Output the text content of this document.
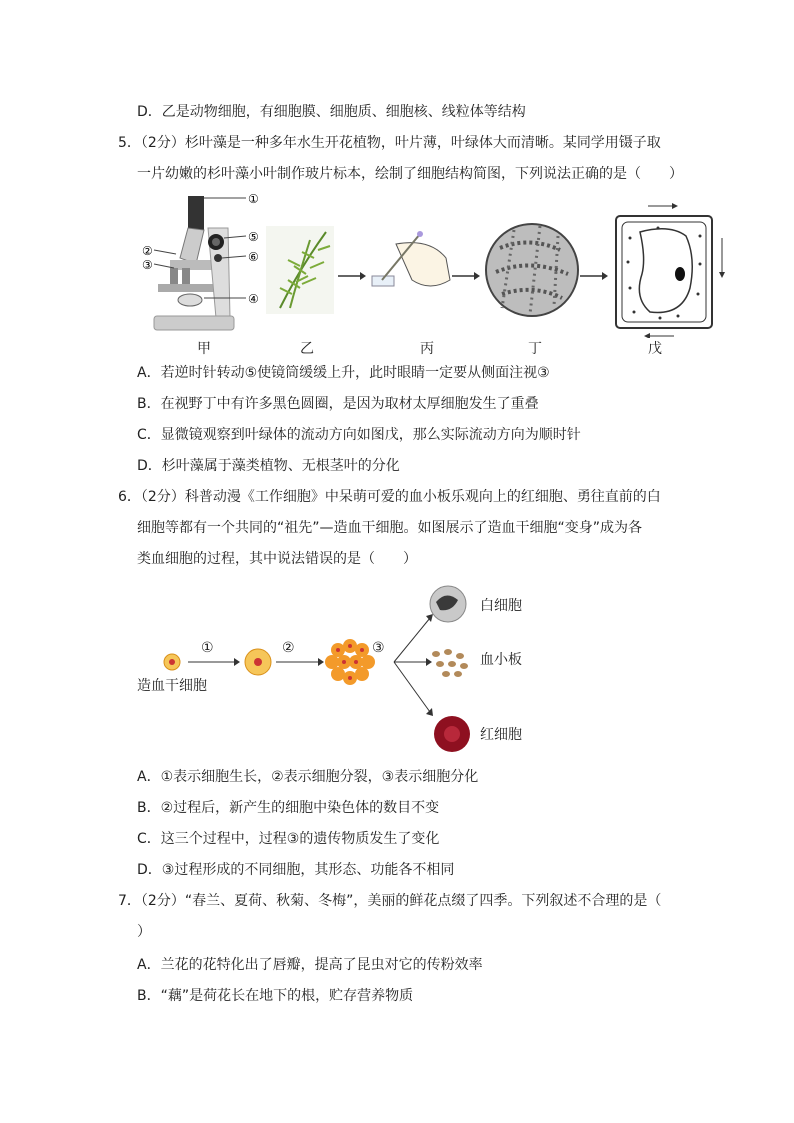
D．乙是动物细胞，有细胞膜、细胞质、细胞核、线粒体等结构
5．（2分）杉叶藻是一种多年水生开花植物，叶片薄，叶绿体大而清晰。某同学用镊子取
一片幼嫩的杉叶藻小叶制作玻片标本，绘制了细胞结构简图，下列说法正确的是（　　）
①
②
③
④
⑤
⑥
甲	乙	丙	丁	戊
A．若逆时针转动⑤使镜筒缓缓上升，此时眼睛一定要从侧面注视③
B．在视野丁中有许多黑色圆圈，是因为取材太厚细胞发生了重叠
C．显微镜观察到叶绿体的流动方向如图戊，那么实际流动方向为顺时针
D．杉叶藻属于藻类植物、无根茎叶的分化
6．（2分）科普动漫《工作细胞》中呆萌可爱的血小板乐观向上的红细胞、勇往直前的白
细胞等都有一个共同的“祖先”—造血干细胞。如图展示了造血干细胞“变身”成为各
类血细胞的过程，其中说法错误的是（　　）
①	②	③
造血干细胞
白细胞
血小板
红细胞
A．①表示细胞生长，②表示细胞分裂，③表示细胞分化
B．②过程后，新产生的细胞中染色体的数目不变
C．这三个过程中，过程③的遗传物质发生了变化
D．③过程形成的不同细胞，其形态、功能各不相同
7．（2分）“春兰、夏荷、秋菊、冬梅”，美丽的鲜花点缀了四季。下列叙述不合理的是（
）
A．兰花的花特化出了唇瓣，提高了昆虫对它的传粉效率
B．“藕”是荷花长在地下的根，贮存营养物质
